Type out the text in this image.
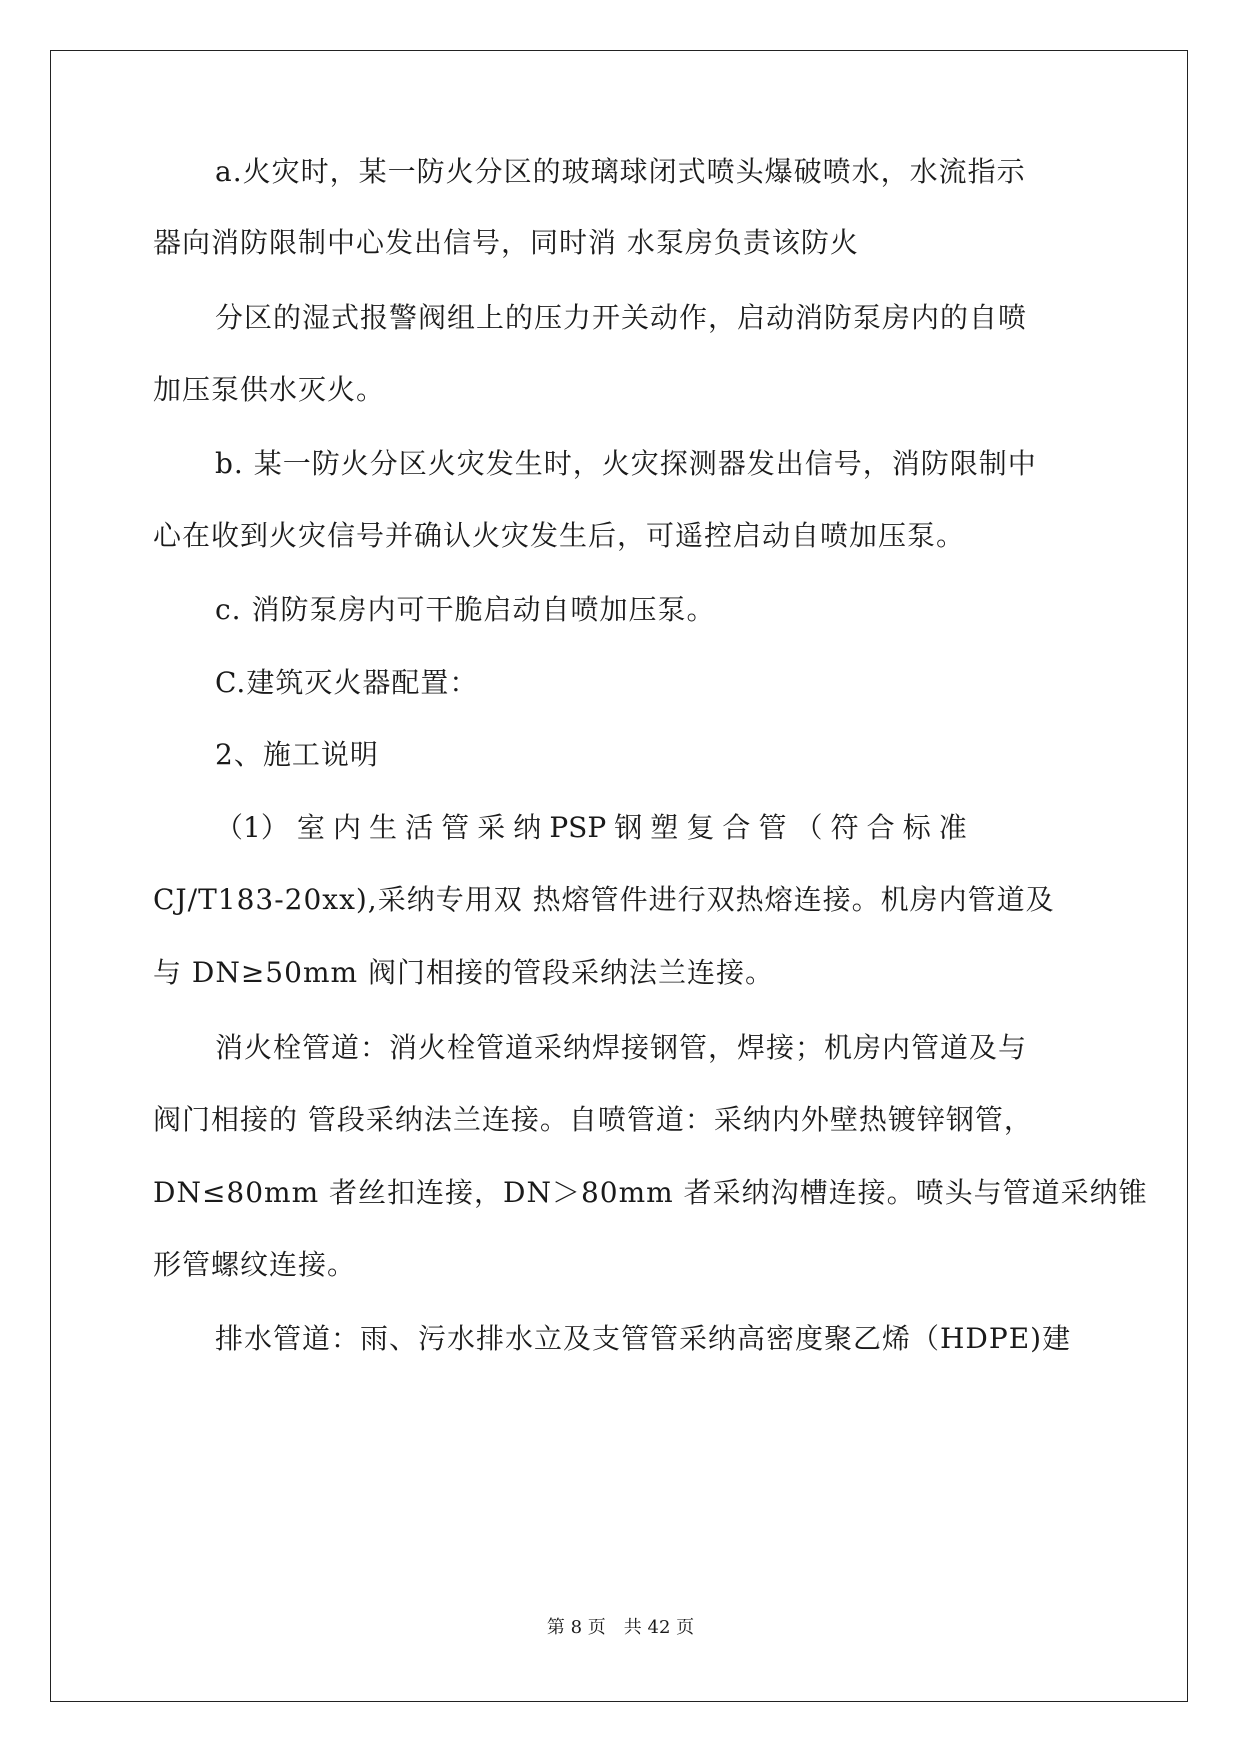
a.火灾时，某一防火分区的玻璃球闭式喷头爆破喷水，水流指示
器向消防限制中心发出信号，同时消 水泵房负责该防火
分区的湿式报警阀组上的压力开关动作，启动消防泵房内的自喷
加压泵供水灭火。
b. 某一防火分区火灾发生时，火灾探测器发出信号，消防限制中
心在收到火灾信号并确认火灾发生后，可遥控启动自喷加压泵。
c. 消防泵房内可干脆启动自喷加压泵。
C.建筑灭火器配置：
2、施工说明
（1） 室 内 生 活 管 采 纳 PSP 钢 塑 复 合 管 （ 符 合 标 准
CJ/T183-20xx),采纳专用双 热熔管件进行双热熔连接。机房内管道及
与 DN≥50mm 阀门相接的管段采纳法兰连接。
消火栓管道：消火栓管道采纳焊接钢管，焊接；机房内管道及与
阀门相接的 管段采纳法兰连接。自喷管道：采纳内外壁热镀锌钢管，
DN≤80mm 者丝扣连接，DN＞80mm 者采纳沟槽连接。喷头与管道采纳锥
形管螺纹连接。
排水管道：雨、污水排水立及支管管采纳高密度聚乙烯（HDPE)建
第 8 页　共 42 页
